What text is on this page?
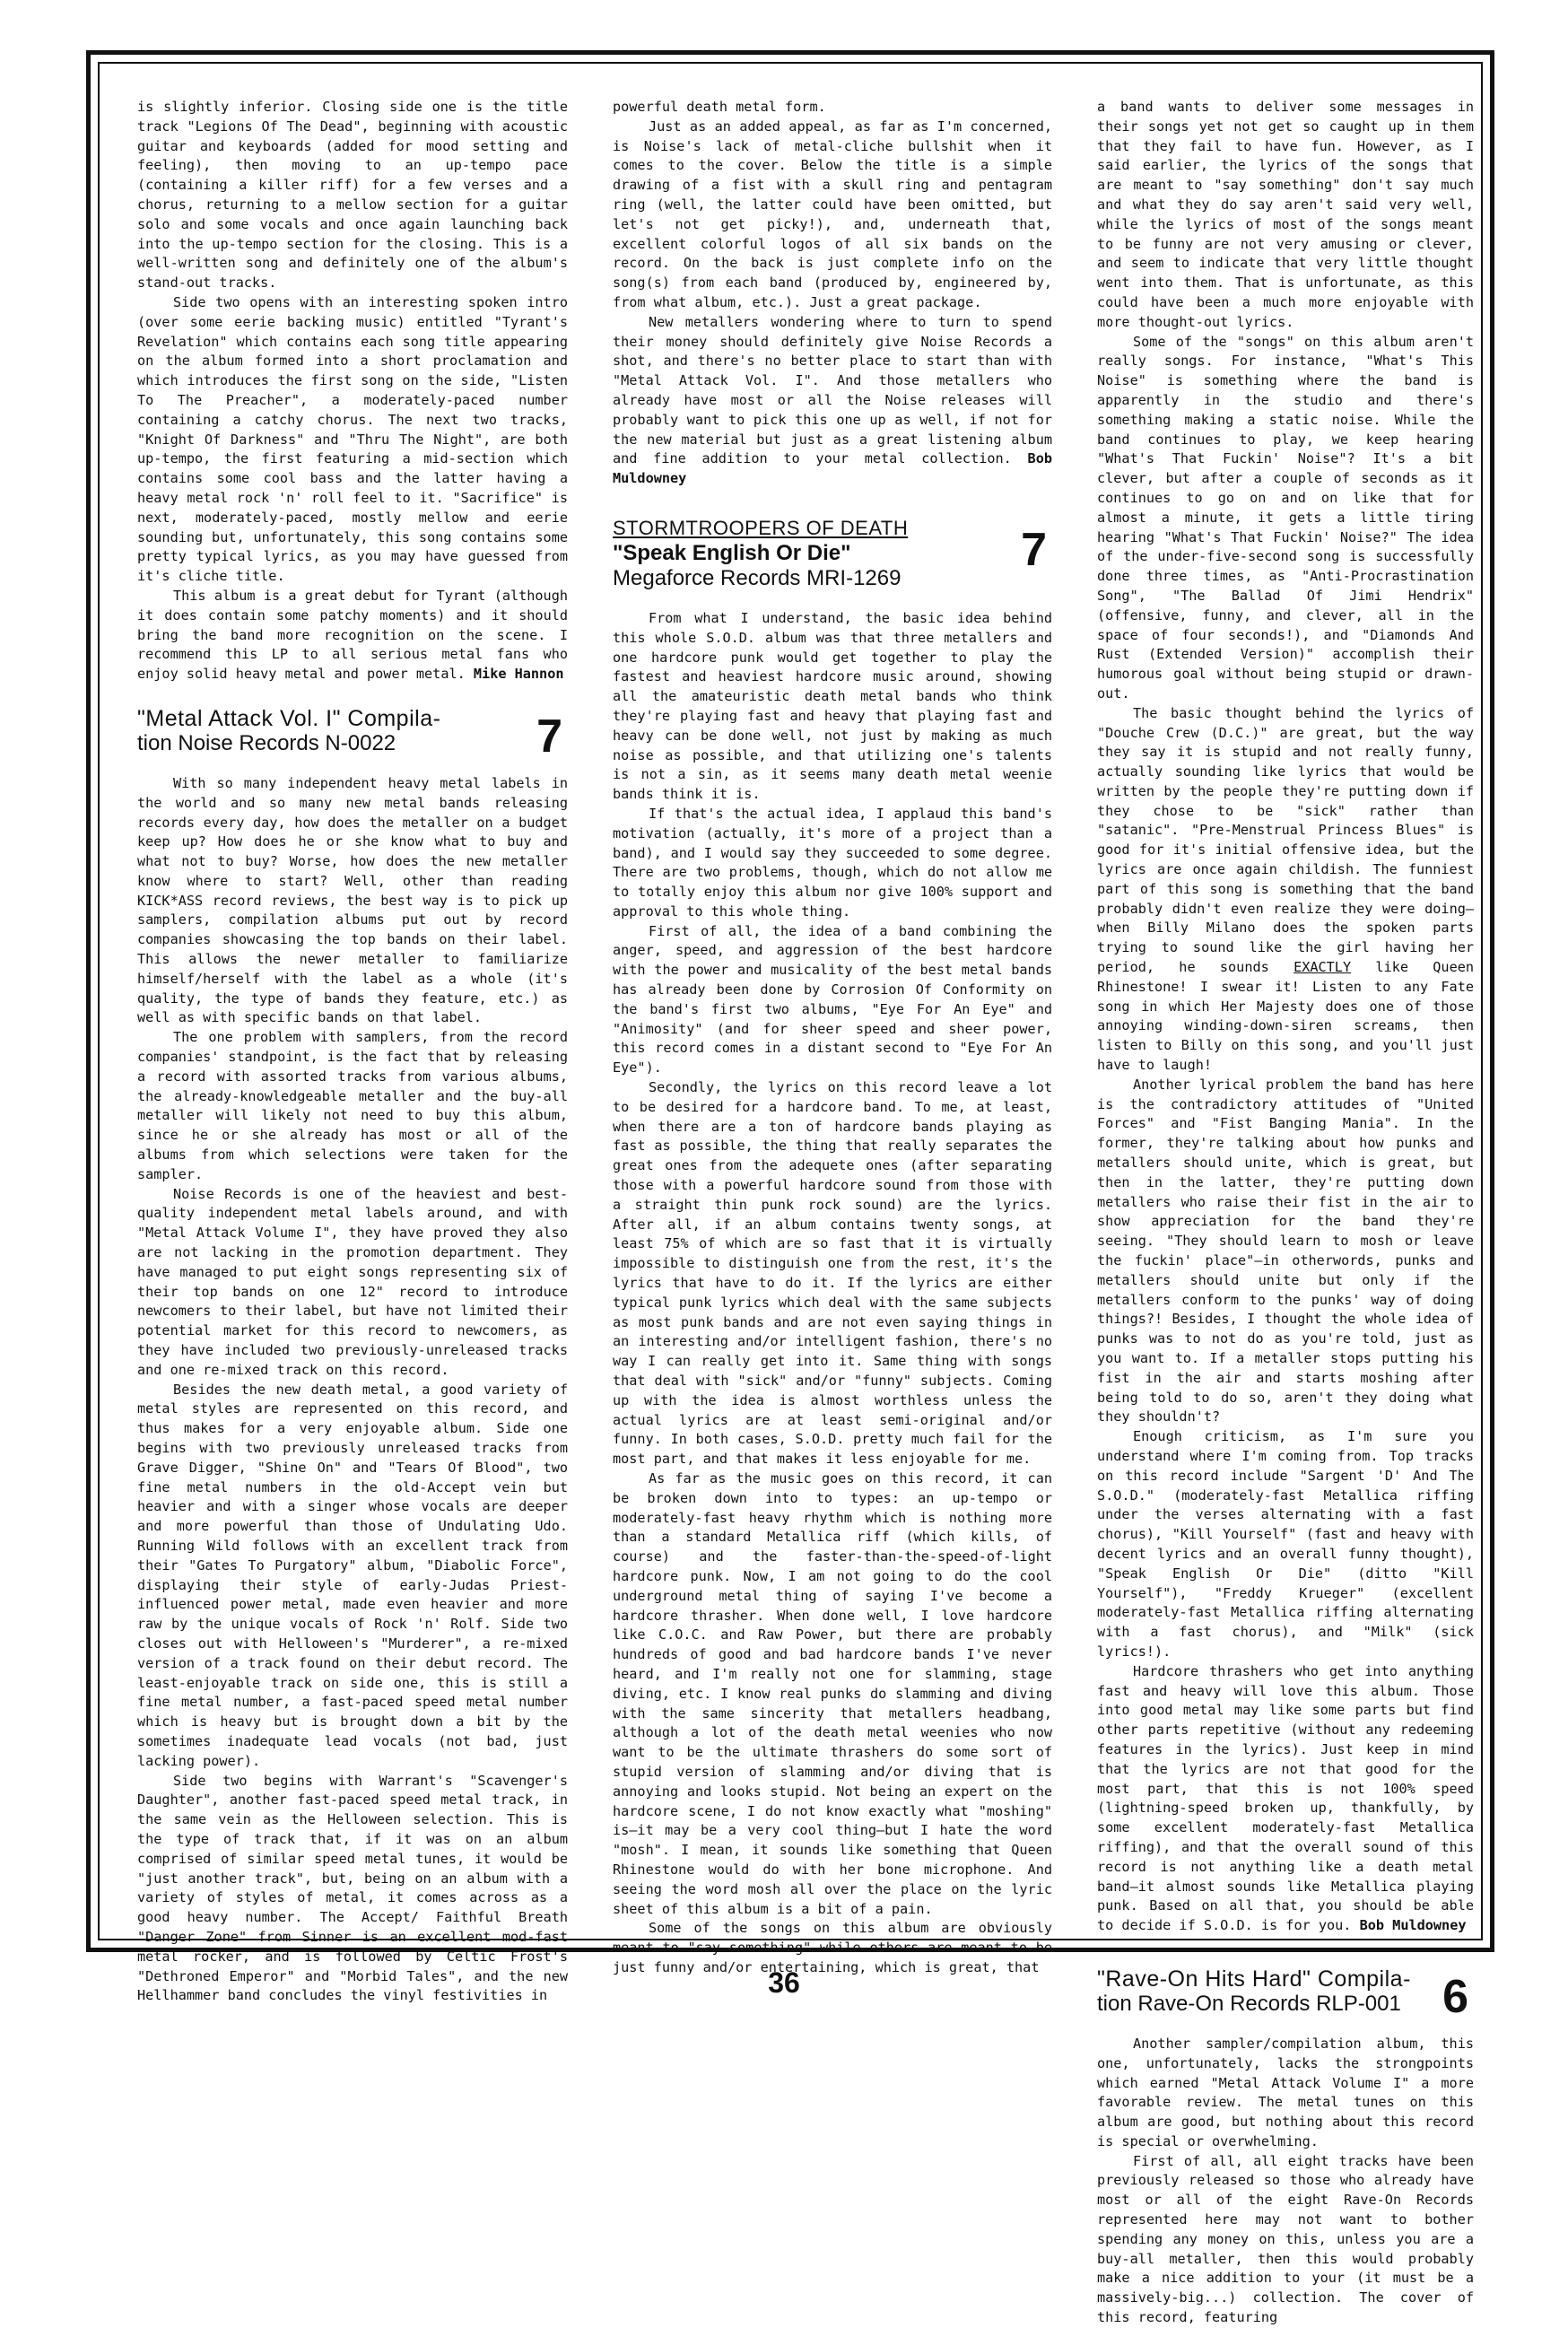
is slightly inferior. Closing side one is the title track "Legions Of The Dead", beginning with acoustic guitar and keyboards (added for mood setting and feeling), then moving to an up-tempo pace (containing a killer riff) for a few verses and a chorus, returning to a mellow section for a guitar solo and some vocals and once again launching back into the up-tempo section for the closing. This is a well-written song and definitely one of the album's stand-out tracks.

Side two opens with an interesting spoken intro (over some eerie backing music) entitled "Tyrant's Revelation" which contains each song title appearing on the album formed into a short proclamation and which introduces the first song on the side, "Listen To The Preacher", a moderately-paced number containing a catchy chorus. The next two tracks, "Knight Of Darkness" and "Thru The Night", are both up-tempo, the first featuring a mid-section which contains some cool bass and the latter having a heavy metal rock 'n' roll feel to it. "Sacrifice" is next, moderately-paced, mostly mellow and eerie sounding but, unfortunately, this song contains some pretty typical lyrics, as you may have guessed from it's cliche title.

This album is a great debut for Tyrant (although it does contain some patchy moments) and it should bring the band more recognition on the scene. I recommend this LP to all serious metal fans who enjoy solid heavy metal and power metal. Mike Hannon

"Metal Attack Vol. I" Compila-
tion Noise Records N-0022	7

With so many independent heavy metal labels in the world and so many new metal bands releasing records every day, how does the metaller on a budget keep up? How does he or she know what to buy and what not to buy? Worse, how does the new metaller know where to start? Well, other than reading KICK*ASS record reviews, the best way is to pick up samplers, compilation albums put out by record companies showcasing the top bands on their label. This allows the newer metaller to familiarize himself/herself with the label as a whole (it's quality, the type of bands they feature, etc.) as well as with specific bands on that label.

The one problem with samplers, from the record companies' standpoint, is the fact that by releasing a record with assorted tracks from various albums, the already-knowledgeable metaller and the buy-all metaller will likely not need to buy this album, since he or she already has most or all of the albums from which selections were taken for the sampler.

Noise Records is one of the heaviest and best-quality independent metal labels around, and with "Metal Attack Volume I", they have proved they also are not lacking in the promotion department. They have managed to put eight songs representing six of their top bands on one 12" record to introduce newcomers to their label, but have not limited their potential market for this record to newcomers, as they have included two previously-unreleased tracks and one re-mixed track on this record.

Besides the new death metal, a good variety of metal styles are represented on this record, and thus makes for a very enjoyable album. Side one begins with two previously unreleased tracks from Grave Digger, "Shine On" and "Tears Of Blood", two fine metal numbers in the old-Accept vein but heavier and with a singer whose vocals are deeper and more powerful than those of Undulating Udo. Running Wild follows with an excellent track from their "Gates To Purgatory" album, "Diabolic Force", displaying their style of early-Judas Priest-influenced power metal, made even heavier and more raw by the unique vocals of Rock 'n' Rolf. Side two closes out with Helloween's "Murderer", a re-mixed version of a track found on their debut record. The least-enjoyable track on side one, this is still a fine metal number, a fast-paced speed metal number which is heavy but is brought down a bit by the sometimes inadequate lead vocals (not bad, just lacking power).

Side two begins with Warrant's "Scavenger's Daughter", another fast-paced speed metal track, in the same vein as the Helloween selection. This is the type of track that, if it was on an album comprised of similar speed metal tunes, it would be "just another track", but, being on an album with a variety of styles of metal, it comes across as a good heavy number. The Accept/ Faithful Breath "Danger Zone" from Sinner is an excellent mod-fast metal rocker, and is followed by Celtic Frost's "Dethroned Emperor" and "Morbid Tales", and the new Hellhammer band concludes the vinyl festivities in

powerful death metal form.

Just as an added appeal, as far as I'm concerned, is Noise's lack of metal-cliche bullshit when it comes to the cover. Below the title is a simple drawing of a fist with a skull ring and pentagram ring (well, the latter could have been omitted, but let's not get picky!), and, underneath that, excellent colorful logos of all six bands on the record. On the back is just complete info on the song(s) from each band (produced by, engineered by, from what album, etc.). Just a great package.

New metallers wondering where to turn to spend their money should definitely give Noise Records a shot, and there's no better place to start than with "Metal Attack Vol. I". And those metallers who already have most or all the Noise releases will probably want to pick this one up as well, if not for the new material but just as a great listening album and fine addition to your metal collection. Bob Muldowney

STORMTROOPERS OF DEATH
"Speak English Or Die"
Megaforce Records MRI-1269
7

From what I understand, the basic idea behind this whole S.O.D. album was that three metallers and one hardcore punk would get together to play the fastest and heaviest hardcore music around, showing all the amateuristic death metal bands who think they're playing fast and heavy that playing fast and heavy can be done well, not just by making as much noise as possible, and that utilizing one's talents is not a sin, as it seems many death metal weenie bands think it is.

If that's the actual idea, I applaud this band's motivation (actually, it's more of a project than a band), and I would say they succeeded to some degree. There are two problems, though, which do not allow me to totally enjoy this album nor give 100% support and approval to this whole thing.

First of all, the idea of a band combining the anger, speed, and aggression of the best hardcore with the power and musicality of the best metal bands has already been done by Corrosion Of Conformity on the band's first two albums, "Eye For An Eye" and "Animosity" (and for sheer speed and sheer power, this record comes in a distant second to "Eye For An Eye").

Secondly, the lyrics on this record leave a lot to be desired for a hardcore band. To me, at least, when there are a ton of hardcore bands playing as fast as possible, the thing that really separates the great ones from the adequete ones (after separating those with a powerful hardcore sound from those with a straight thin punk rock sound) are the lyrics. After all, if an album contains twenty songs, at least 75% of which are so fast that it is virtually impossible to distinguish one from the rest, it's the lyrics that have to do it. If the lyrics are either typical punk lyrics which deal with the same subjects as most punk bands and are not even saying things in an interesting and/or intelligent fashion, there's no way I can really get into it. Same thing with songs that deal with "sick" and/or "funny" subjects. Coming up with the idea is almost worthless unless the actual lyrics are at least semi-original and/or funny. In both cases, S.O.D. pretty much fail for the most part, and that makes it less enjoyable for me.

As far as the music goes on this record, it can be broken down into to types: an up-tempo or moderately-fast heavy rhythm which is nothing more than a standard Metallica riff (which kills, of course) and the faster-than-the-speed-of-light hardcore punk. Now, I am not going to do the cool underground metal thing of saying I've become a hardcore thrasher. When done well, I love hardcore like C.O.C. and Raw Power, but there are probably hundreds of good and bad hardcore bands I've never heard, and I'm really not one for slamming, stage diving, etc. I know real punks do slamming and diving with the same sincerity that metallers headbang, although a lot of the death metal weenies who now want to be the ultimate thrashers do some sort of stupid version of slamming and/or diving that is annoying and looks stupid. Not being an expert on the hardcore scene, I do not know exactly what "moshing" is—it may be a very cool thing—but I hate the word "mosh". I mean, it sounds like something that Queen Rhinestone would do with her bone microphone. And seeing the word mosh all over the place on the lyric sheet of this album is a bit of a pain.

Some of the songs on this album are obviously meant to "say something" while others are meant to be just funny and/or entertaining, which is great, that

a band wants to deliver some messages in their songs yet not get so caught up in them that they fail to have fun. However, as I said earlier, the lyrics of the songs that are meant to "say something" don't say much and what they do say aren't said very well, while the lyrics of most of the songs meant to be funny are not very amusing or clever, and seem to indicate that very little thought went into them. That is unfortunate, as this could have been a much more enjoyable with more thought-out lyrics.

Some of the "songs" on this album aren't really songs. For instance, "What's This Noise" is something where the band is apparently in the studio and there's something making a static noise. While the band continues to play, we keep hearing "What's That Fuckin' Noise"? It's a bit clever, but after a couple of seconds as it continues to go on and on like that for almost a minute, it gets a little tiring hearing "What's That Fuckin' Noise?" The idea of the under-five-second song is successfully done three times, as "Anti-Procrastination Song", "The Ballad Of Jimi Hendrix" (offensive, funny, and clever, all in the space of four seconds!), and "Diamonds And Rust (Extended Version)" accomplish their humorous goal without being stupid or drawn-out.

The basic thought behind the lyrics of "Douche Crew (D.C.)" are great, but the way they say it is stupid and not really funny, actually sounding like lyrics that would be written by the people they're putting down if they chose to be "sick" rather than "satanic". "Pre-Menstrual Princess Blues" is good for it's initial offensive idea, but the lyrics are once again childish. The funniest part of this song is something that the band probably didn't even realize they were doing—when Billy Milano does the spoken parts trying to sound like the girl having her period, he sounds EXACTLY like Queen Rhinestone! I swear it! Listen to any Fate song in which Her Majesty does one of those annoying winding-down-siren screams, then listen to Billy on this song, and you'll just have to laugh!

Another lyrical problem the band has here is the contradictory attitudes of "United Forces" and "Fist Banging Mania". In the former, they're talking about how punks and metallers should unite, which is great, but then in the latter, they're putting down metallers who raise their fist in the air to show appreciation for the band they're seeing. "They should learn to mosh or leave the fuckin' place"—in otherwords, punks and metallers should unite but only if the metallers conform to the punks' way of doing things?! Besides, I thought the whole idea of punks was to not do as you're told, just as you want to. If a metaller stops putting his fist in the air and starts moshing after being told to do so, aren't they doing what they shouldn't?

Enough criticism, as I'm sure you understand where I'm coming from. Top tracks on this record include "Sargent 'D' And The S.O.D." (moderately-fast Metallica riffing under the verses alternating with a fast chorus), "Kill Yourself" (fast and heavy with decent lyrics and an overall funny thought), "Speak English Or Die" (ditto "Kill Yourself"), "Freddy Krueger" (excellent moderately-fast Metallica riffing alternating with a fast chorus), and "Milk" (sick lyrics!).

Hardcore thrashers who get into anything fast and heavy will love this album. Those into good metal may like some parts but find other parts repetitive (without any redeeming features in the lyrics). Just keep in mind that the lyrics are not that good for the most part, that this is not 100% speed (lightning-speed broken up, thankfully, by some excellent moderately-fast Metallica riffing), and that the overall sound of this record is not anything like a death metal band—it almost sounds like Metallica playing punk. Based on all that, you should be able to decide if S.O.D. is for you. Bob Muldowney

"Rave-On Hits Hard" Compila-
tion Rave-On Records RLP-001 6

Another sampler/compilation album, this one, unfortunately, lacks the strongpoints which earned "Metal Attack Volume I" a more favorable review. The metal tunes on this album are good, but nothing about this record is special or overwhelming.

First of all, all eight tracks have been previously released so those who already have most or all of the eight Rave-On Records represented here may not want to bother spending any money on this, unless you are a buy-all metaller, then this would probably make a nice addition to your (it must be a massively-big...) collection. The cover of this record, featuring

36
